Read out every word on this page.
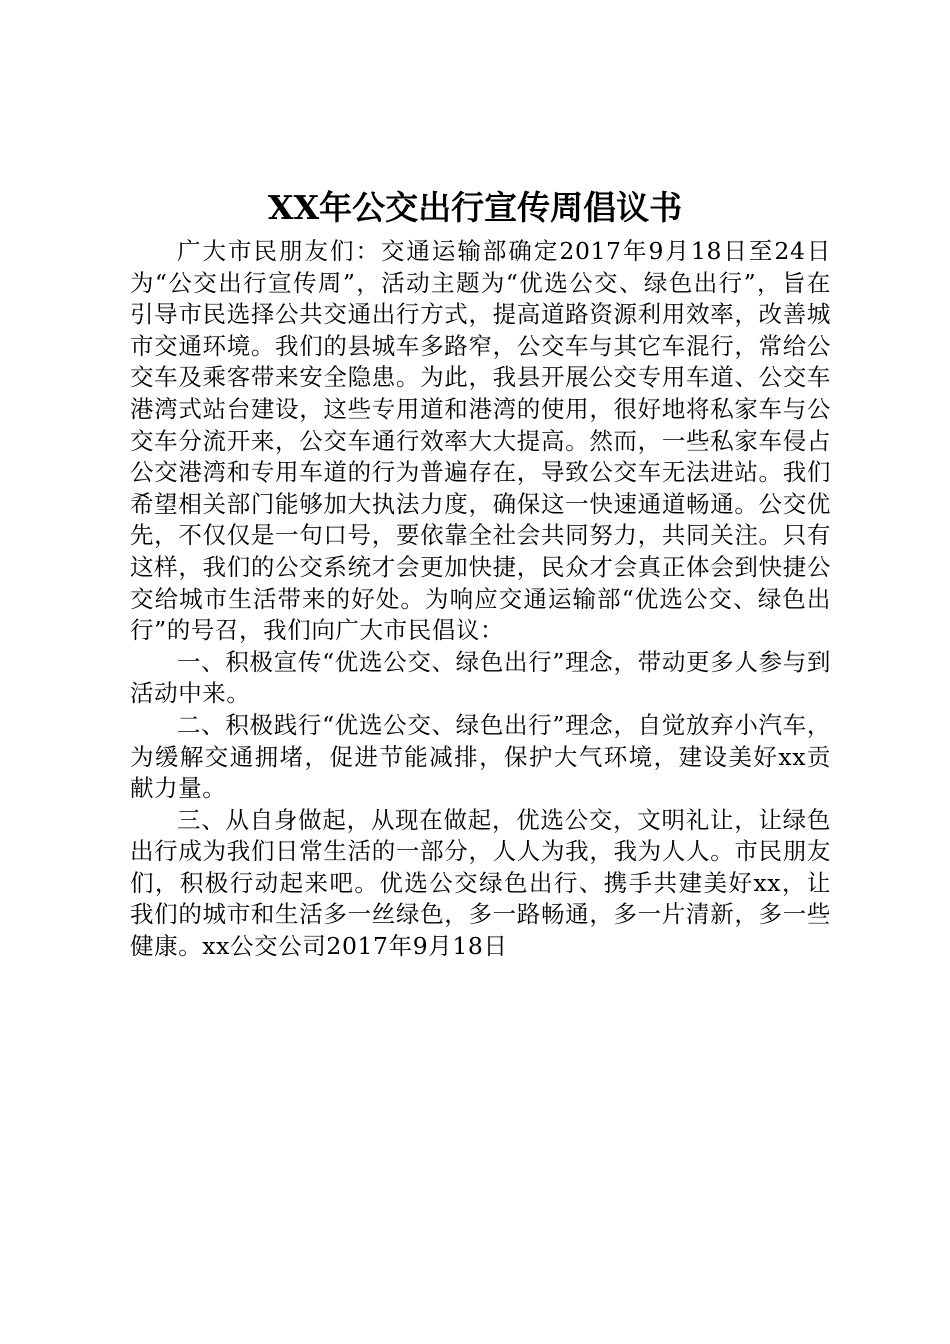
XX年公交出行宣传周倡议书

广大市民朋友们：交通运输部确定2017年9月18日至24日为“公交出行宣传周”，活动主题为“优选公交、绿色出行”，旨在引导市民选择公共交通出行方式，提高道路资源利用效率，改善城市交通环境。我们的县城车多路窄，公交车与其它车混行，常给公交车及乘客带来安全隐患。为此，我县开展公交专用车道、公交车港湾式站台建设，这些专用道和港湾的使用，很好地将私家车与公交车分流开来，公交车通行效率大大提高。然而，一些私家车侵占公交港湾和专用车道的行为普遍存在，导致公交车无法进站。我们希望相关部门能够加大执法力度，确保这一快速通道畅通。公交优先，不仅仅是一句口号，要依靠全社会共同努力，共同关注。只有这样，我们的公交系统才会更加快捷，民众才会真正体会到快捷公交给城市生活带来的好处。为响应交通运输部“优选公交、绿色出行”的号召，我们向广大市民倡议：

一、积极宣传“优选公交、绿色出行”理念，带动更多人参与到活动中来。

二、积极践行“优选公交、绿色出行”理念，自觉放弃小汽车，为缓解交通拥堵，促进节能减排，保护大气环境，建设美好xx贡献力量。

三、从自身做起，从现在做起，优选公交，文明礼让，让绿色出行成为我们日常生活的一部分，人人为我，我为人人。市民朋友们，积极行动起来吧。优选公交绿色出行、携手共建美好xx，让我们的城市和生活多一丝绿色，多一路畅通，多一片清新，多一些健康。xx公交公司2017年9月18日
